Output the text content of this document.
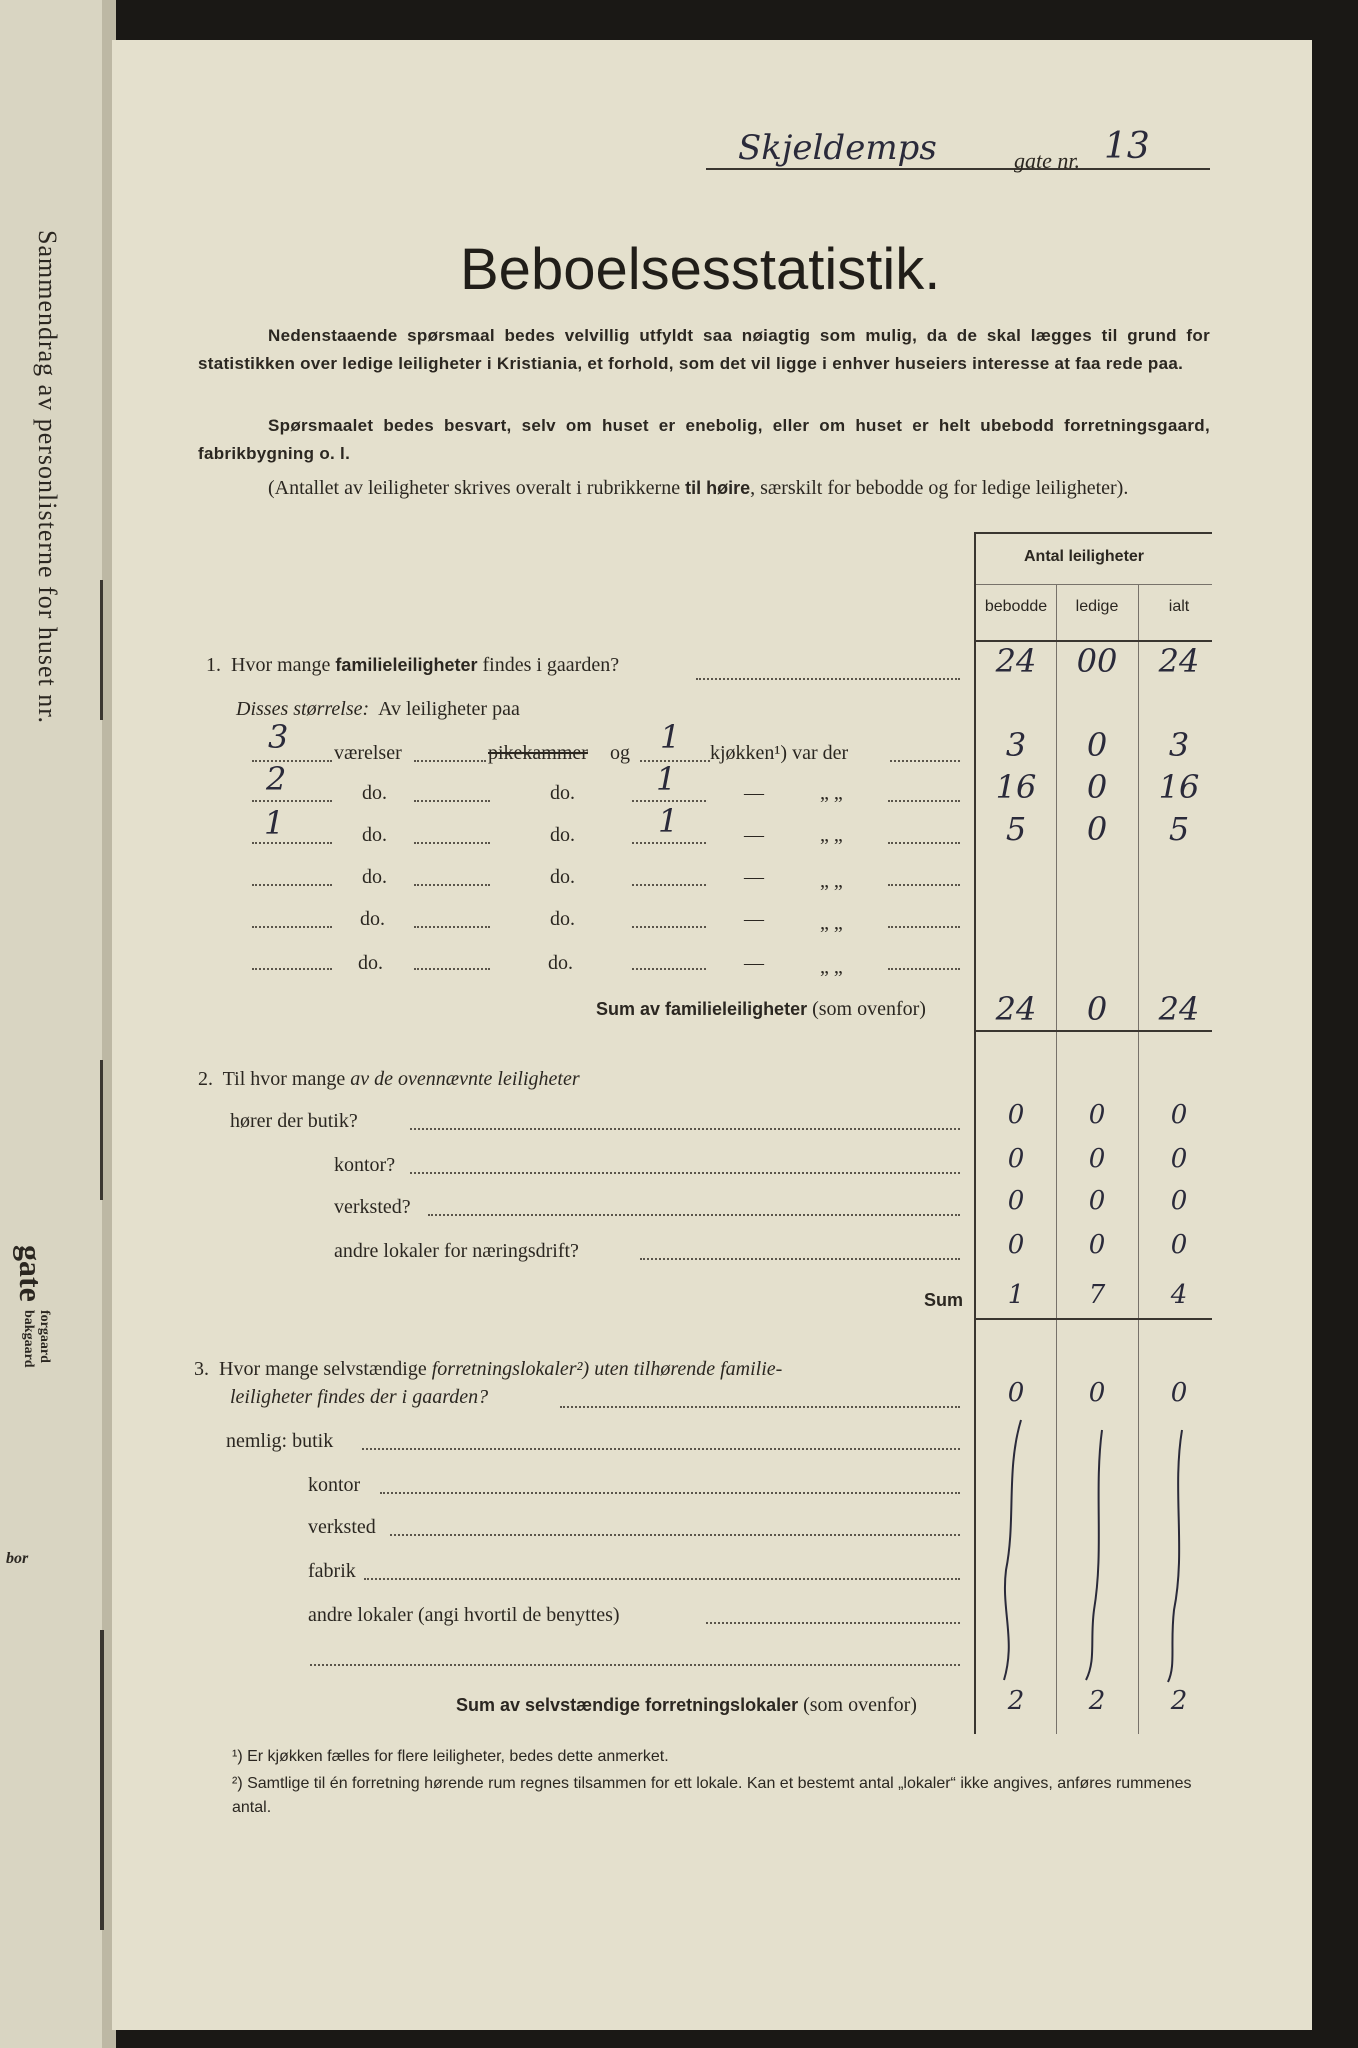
Sammendrag av personlisterne for huset nr.
gate
forgaard
bakgaard
bor
Skjeldemps	gate nr. 13
Beboelsesstatistik.
Nedenstaaende spørsmaal bedes velvillig utfyldt saa nøiagtig som mulig, da de skal lægges til grund for statistikken over ledige leiligheter i Kristiania, et forhold, som det vil ligge i enhver huseiers interesse at faa rede paa.
Spørsmaalet bedes besvart, selv om huset er enebolig, eller om huset er helt ubebodd forretningsgaard, fabrikbygning o. l.
(Antallet av leiligheter skrives overalt i rubrikkerne til høire, særskilt for bebodde og for ledige leiligheter).
Antal leiligheter
bebodde	ledige	ialt
1. Hvor mange familieleiligheter findes i gaarden?	24	00	24
Disses størrelse: Av leiligheter paa
3 værelser	pikekammer og 1 kjøkken¹) var der	3	0	3
2	do.	do.	1	—	„ „	16	0	16
1	do.	do.	1	—	„ „	5	0	5
do.	do.	—	„ „
do.	do.	—	„ „
do.	do.	—	„ „
Sum av familieleiligheter (som ovenfor)	24	0	24
2. Til hvor mange av de ovennævnte leiligheter
hører der butik?	0	0	0
kontor?	0	0	0
verksted?	0	0	0
andre lokaler for næringsdrift?	0	0	0
Sum	1	7	4
3. Hvor mange selvstændige forretningslokaler²) uten tilhørende familie-
leiligheter findes der i gaarden?	0	0	0
nemlig: butik
kontor
verksted
fabrik
andre lokaler (angi hvortil de benyttes)
Sum av selvstændige forretningslokaler (som ovenfor)	2	2	2
¹) Er kjøkken fælles for flere leiligheter, bedes dette anmerket.
²) Samtlige til én forretning hørende rum regnes tilsammen for ett lokale. Kan et bestemt antal „lokaler“ ikke angives, anføres rummenes antal.
